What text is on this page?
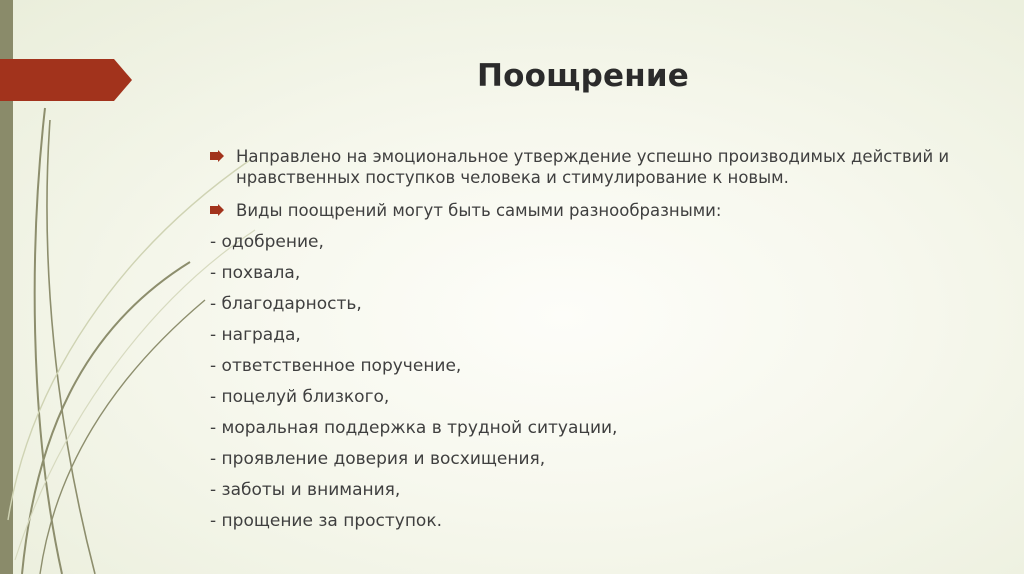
Поощрение
Направлено на эмоциональное утверждение успешно производимых действий и нравственных поступков человека и стимулирование к новым.
Виды поощрений могут быть самыми разнообразными:
- одобрение,
- похвала,
- благодарность,
- награда,
- ответственное поручение,
- поцелуй близкого,
- моральная поддержка в трудной ситуации,
- проявление доверия и восхищения,
- заботы и внимания,
- прощение за проступок.
